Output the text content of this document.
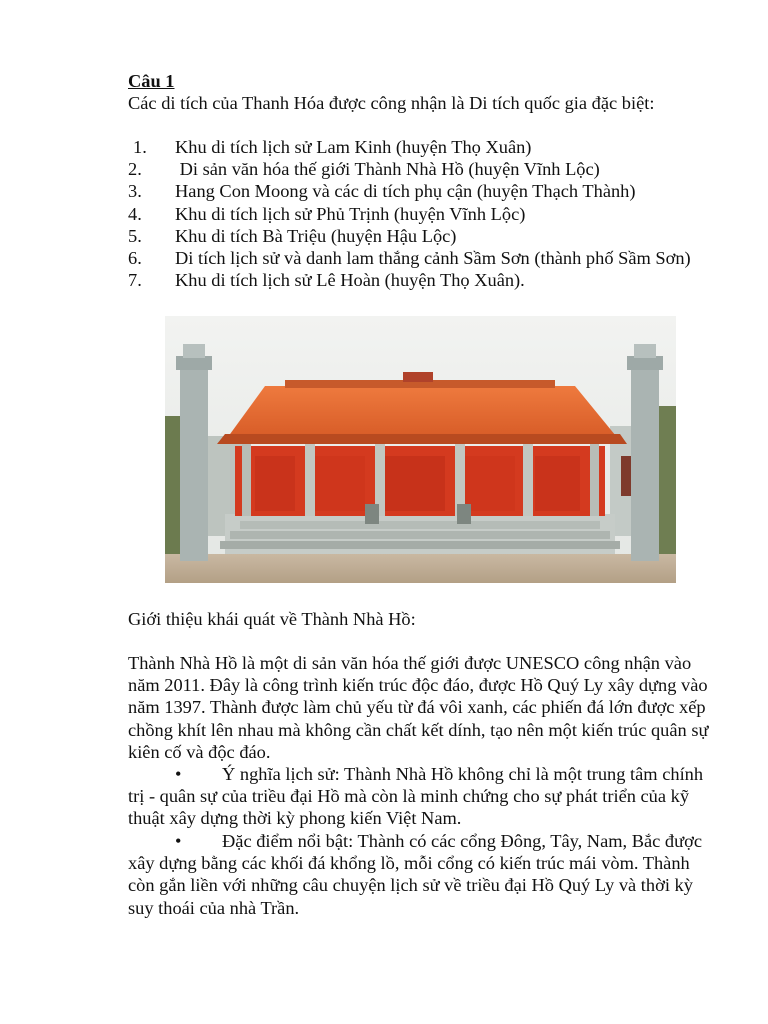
Câu 1
Các di tích của Thanh Hóa được công nhận là Di tích quốc gia đặc biệt:
1. Khu di tích lịch sử Lam Kinh (huyện Thọ Xuân)
2. Di sản văn hóa thế giới Thành Nhà Hồ (huyện Vĩnh Lộc)
3. Hang Con Moong và các di tích phụ cận (huyện Thạch Thành)
4. Khu di tích lịch sử Phủ Trịnh (huyện Vĩnh Lộc)
5. Khu di tích Bà Triệu (huyện Hậu Lộc)
6. Di tích lịch sử và danh lam thắng cảnh Sầm Sơn (thành phố Sầm Sơn)
7. Khu di tích lịch sử Lê Hoàn (huyện Thọ Xuân).
Giới thiệu khái quát về Thành Nhà Hồ:
Thành Nhà Hồ là một di sản văn hóa thế giới được UNESCO công nhận vào năm 2011. Đây là công trình kiến trúc độc đáo, được Hồ Quý Ly xây dựng vào năm 1397. Thành được làm chủ yếu từ đá vôi xanh, các phiến đá lớn được xếp chồng khít lên nhau mà không cần chất kết dính, tạo nên một kiến trúc quân sự kiên cố và độc đáo.
• Ý nghĩa lịch sử: Thành Nhà Hồ không chỉ là một trung tâm chính trị - quân sự của triều đại Hồ mà còn là minh chứng cho sự phát triển của kỹ thuật xây dựng thời kỳ phong kiến Việt Nam.
• Đặc điểm nổi bật: Thành có các cổng Đông, Tây, Nam, Bắc được xây dựng bằng các khối đá khổng lồ, mỗi cổng có kiến trúc mái vòm. Thành còn gắn liền với những câu chuyện lịch sử về triều đại Hồ Quý Ly và thời kỳ suy thoái của nhà Trần.
